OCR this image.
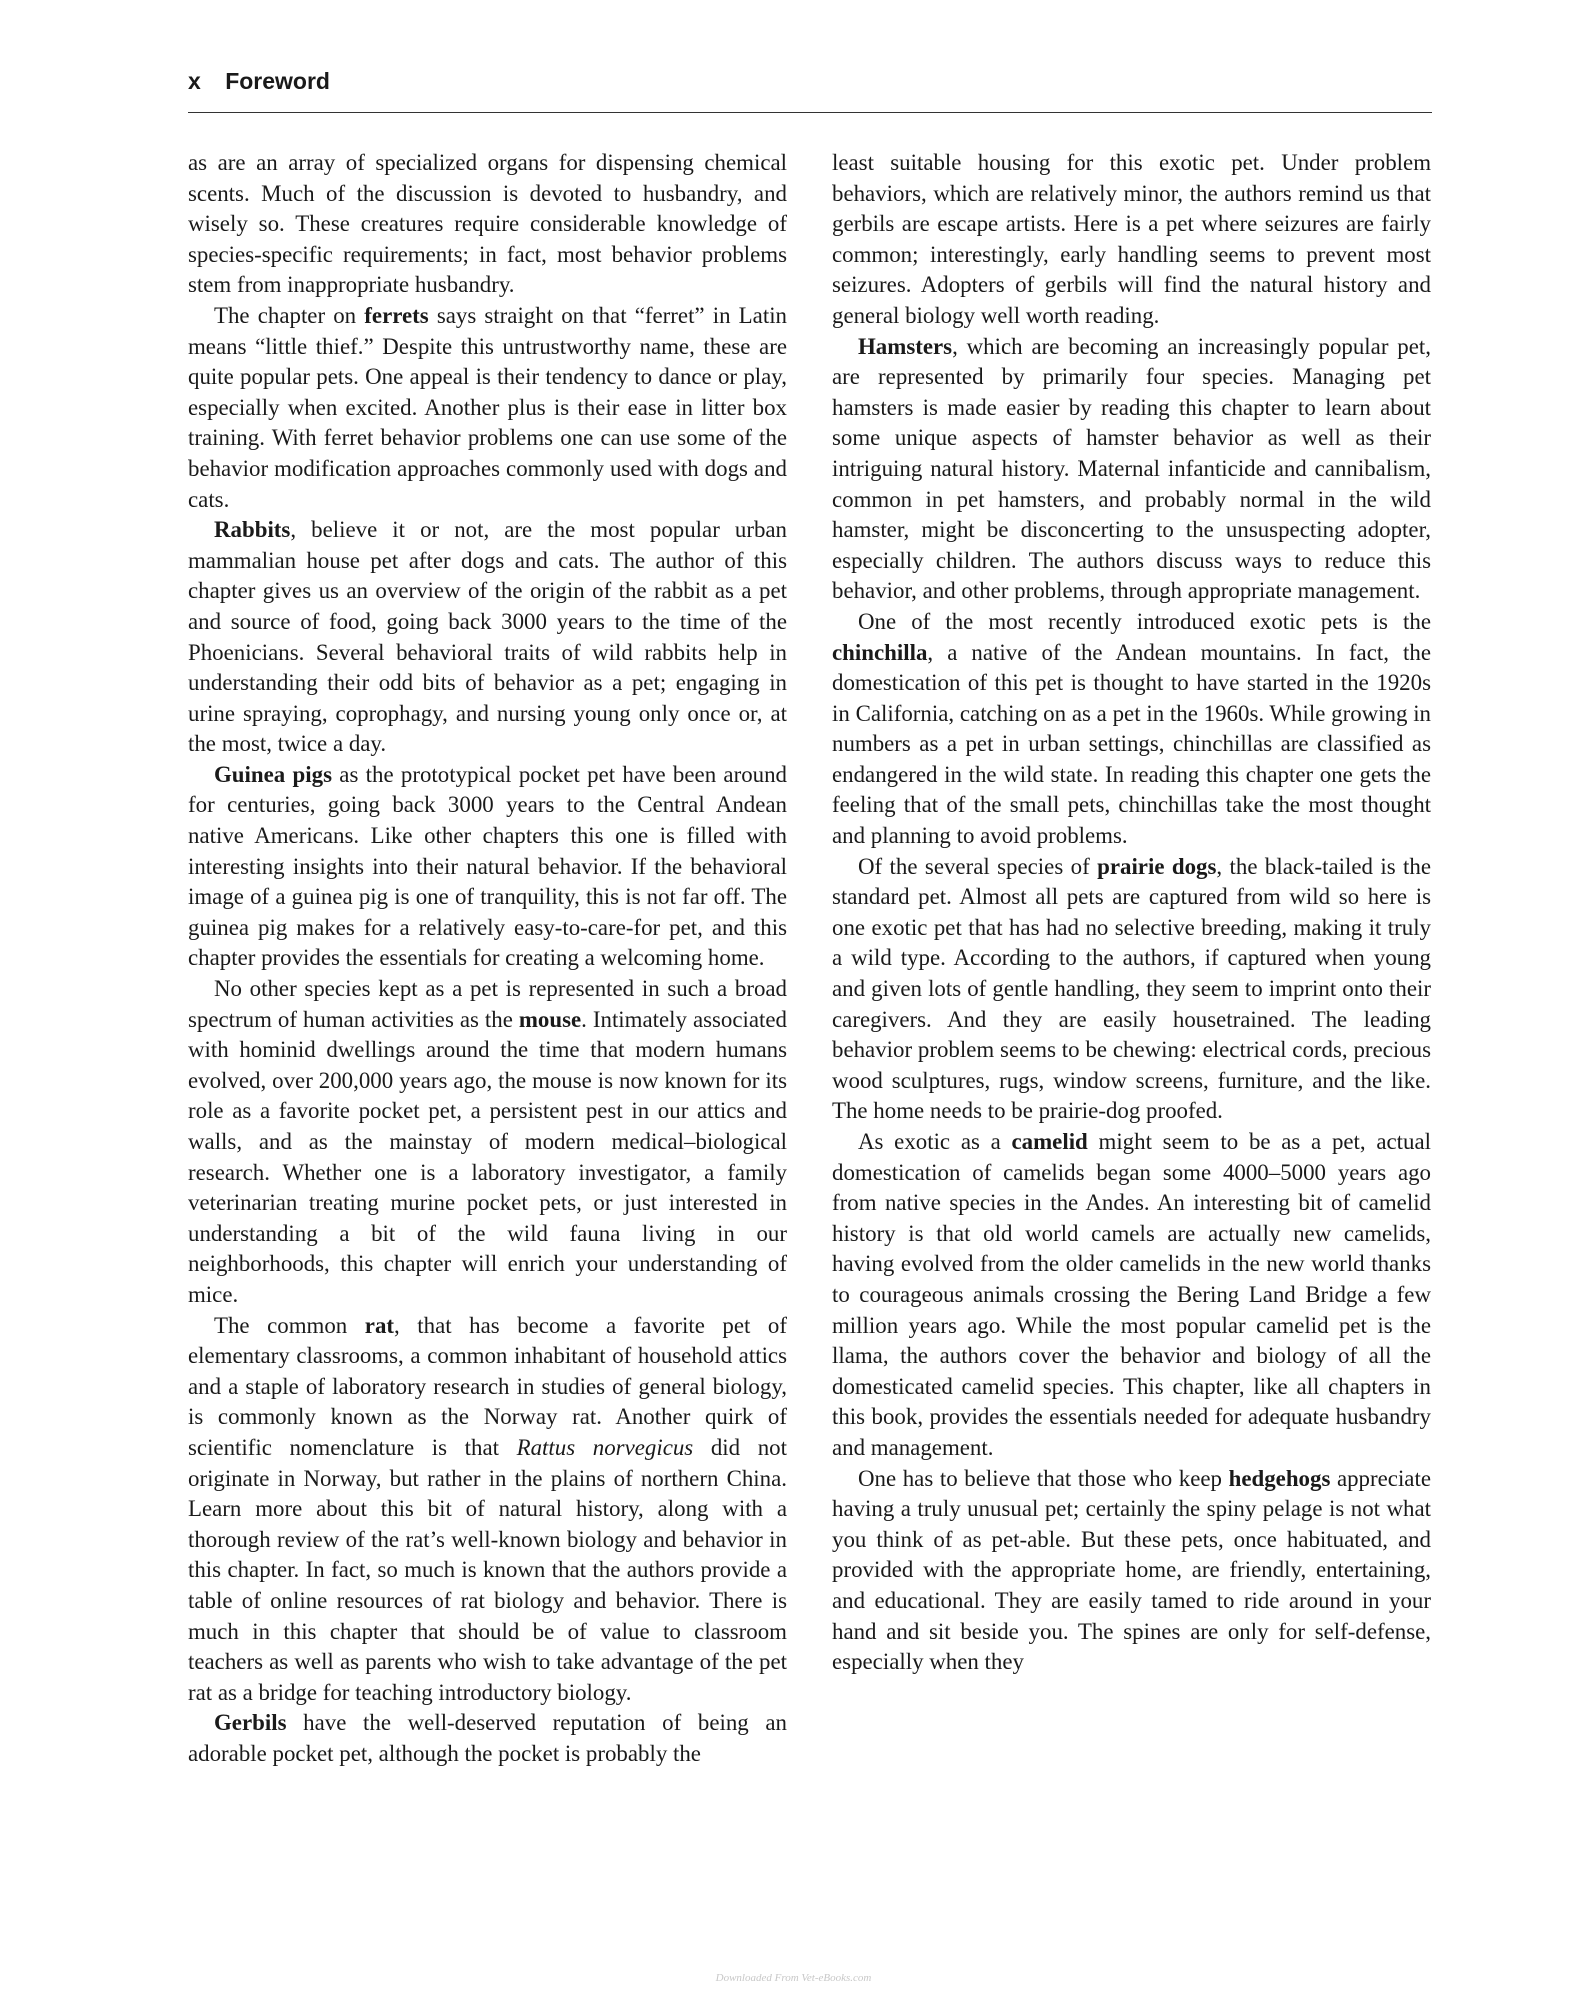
x Foreword

as are an array of specialized organs for dispensing chemical scents. Much of the discussion is devoted to husbandry, and wisely so. These creatures require considerable knowledge of species-specific requirements; in fact, most behavior problems stem from inappropriate husbandry.

The chapter on ferrets says straight on that “ferret” in Latin means “little thief.” Despite this untrustworthy name, these are quite popular pets. One appeal is their tendency to dance or play, especially when excited. Another plus is their ease in litter box training. With ferret behavior problems one can use some of the behavior modification approaches commonly used with dogs and cats.

Rabbits, believe it or not, are the most popular urban mammalian house pet after dogs and cats. The author of this chapter gives us an overview of the origin of the rabbit as a pet and source of food, going back 3000 years to the time of the Phoenicians. Several behavioral traits of wild rabbits help in understanding their odd bits of behavior as a pet; engaging in urine spraying, coprophagy, and nursing young only once or, at the most, twice a day.

Guinea pigs as the prototypical pocket pet have been around for centuries, going back 3000 years to the Central Andean native Americans. Like other chapters this one is filled with interesting insights into their natural behavior. If the behavioral image of a guinea pig is one of tranquility, this is not far off. The guinea pig makes for a relatively easy-to-care-for pet, and this chapter provides the essentials for creating a welcoming home.

No other species kept as a pet is represented in such a broad spectrum of human activities as the mouse. Intimately associated with hominid dwellings around the time that modern humans evolved, over 200,000 years ago, the mouse is now known for its role as a favorite pocket pet, a persistent pest in our attics and walls, and as the mainstay of modern medical–biological research. Whether one is a laboratory investigator, a family veterinarian treating murine pocket pets, or just interested in understanding a bit of the wild fauna living in our neighborhoods, this chapter will enrich your understanding of mice.

The common rat, that has become a favorite pet of elementary classrooms, a common inhabitant of household attics and a staple of laboratory research in studies of general biology, is commonly known as the Norway rat. Another quirk of scientific nomenclature is that Rattus norvegicus did not originate in Norway, but rather in the plains of northern China. Learn more about this bit of natural history, along with a thorough review of the rat’s well-known biology and behavior in this chapter. In fact, so much is known that the authors provide a table of online resources of rat biology and behavior. There is much in this chapter that should be of value to classroom teachers as well as parents who wish to take advantage of the pet rat as a bridge for teaching introductory biology.

Gerbils have the well-deserved reputation of being an adorable pocket pet, although the pocket is probably the

least suitable housing for this exotic pet. Under problem behaviors, which are relatively minor, the authors remind us that gerbils are escape artists. Here is a pet where seizures are fairly common; interestingly, early handling seems to prevent most seizures. Adopters of gerbils will find the natural history and general biology well worth reading.

Hamsters, which are becoming an increasingly popular pet, are represented by primarily four species. Managing pet hamsters is made easier by reading this chapter to learn about some unique aspects of hamster behavior as well as their intriguing natural history. Maternal infanticide and cannibalism, common in pet hamsters, and probably normal in the wild hamster, might be disconcerting to the unsuspecting adopter, especially children. The authors discuss ways to reduce this behavior, and other problems, through appropriate management.

One of the most recently introduced exotic pets is the chinchilla, a native of the Andean mountains. In fact, the domestication of this pet is thought to have started in the 1920s in California, catching on as a pet in the 1960s. While growing in numbers as a pet in urban settings, chinchillas are classified as endangered in the wild state. In reading this chapter one gets the feeling that of the small pets, chinchillas take the most thought and planning to avoid problems.

Of the several species of prairie dogs, the black-tailed is the standard pet. Almost all pets are captured from wild so here is one exotic pet that has had no selective breeding, making it truly a wild type. According to the authors, if captured when young and given lots of gentle handling, they seem to imprint onto their caregivers. And they are easily housetrained. The leading behavior problem seems to be chewing: electrical cords, precious wood sculptures, rugs, window screens, furniture, and the like. The home needs to be prairie-dog proofed.

As exotic as a camelid might seem to be as a pet, actual domestication of camelids began some 4000–5000 years ago from native species in the Andes. An interesting bit of camelid history is that old world camels are actually new camelids, having evolved from the older camelids in the new world thanks to courageous animals crossing the Bering Land Bridge a few million years ago. While the most popular camelid pet is the llama, the authors cover the behavior and biology of all the domesticated camelid species. This chapter, like all chapters in this book, provides the essentials needed for adequate husbandry and management.

One has to believe that those who keep hedgehogs appreciate having a truly unusual pet; certainly the spiny pelage is not what you think of as pet-able. But these pets, once habituated, and provided with the appropriate home, are friendly, entertaining, and educational. They are easily tamed to ride around in your hand and sit beside you. The spines are only for self-defense, especially when they

Downloaded From Vet-eBooks.com
